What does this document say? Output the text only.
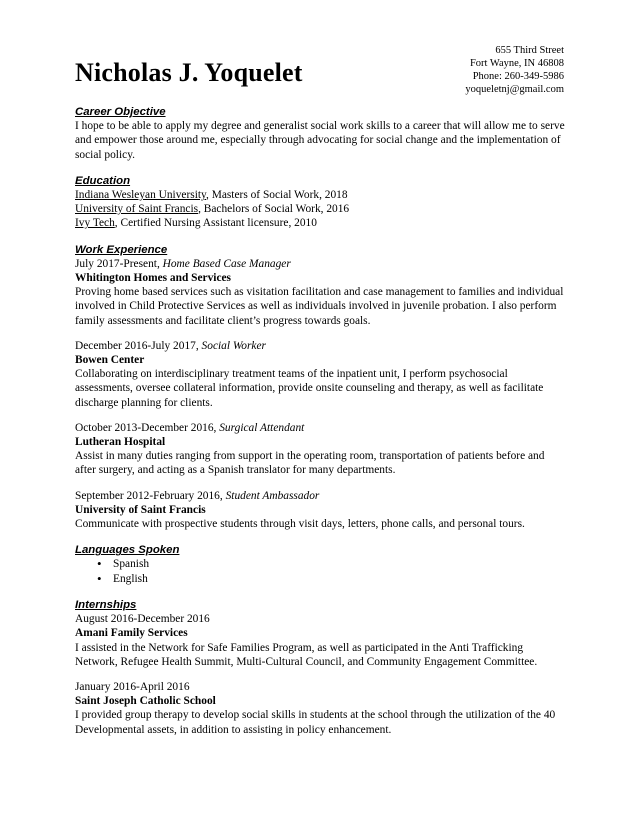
655 Third Street
Fort Wayne, IN 46808
Phone: 260-349-5986
yoqueletnj@gmail.com
Nicholas J. Yoquelet

Career Objective

I hope to be able to apply my degree and generalist social work skills to a career that will allow me to serve and empower those around me, especially through advocating for social change and the implementation of social policy.

Education

Indiana Wesleyan University, Masters of Social Work, 2018
University of Saint Francis, Bachelors of Social Work, 2016
Ivy Tech, Certified Nursing Assistant licensure, 2010

Work Experience

July 2017-Present, Home Based Case Manager
Whitington Homes and Services

Proving home based services such as visitation facilitation and case management to families and individual involved in Child Protective Services as well as individuals involved in juvenile probation. I also perform family assessments and facilitate client’s progress towards goals.

December 2016-July 2017, Social Worker
Bowen Center

Collaborating on interdisciplinary treatment teams of the inpatient unit, I perform psychosocial assessments, oversee collateral information, provide onsite counseling and therapy, as well as facilitate discharge planning for clients.

October 2013-December 2016, Surgical Attendant
Lutheran Hospital

Assist in many duties ranging from support in the operating room, transportation of patients before and after surgery, and acting as a Spanish translator for many departments.

September 2012-February 2016, Student Ambassador
University of Saint Francis

Communicate with prospective students through visit days, letters, phone calls, and personal tours.

Languages Spoken

• Spanish
• English

Internships

August 2016-December 2016
Amani Family Services

I assisted in the Network for Safe Families Program, as well as participated in the Anti Trafficking Network, Refugee Health Summit, Multi-Cultural Council, and Community Engagement Committee.

January 2016-April 2016
Saint Joseph Catholic School

I provided group therapy to develop social skills in students at the school through the utilization of the 40 Developmental assets, in addition to assisting in policy enhancement.
